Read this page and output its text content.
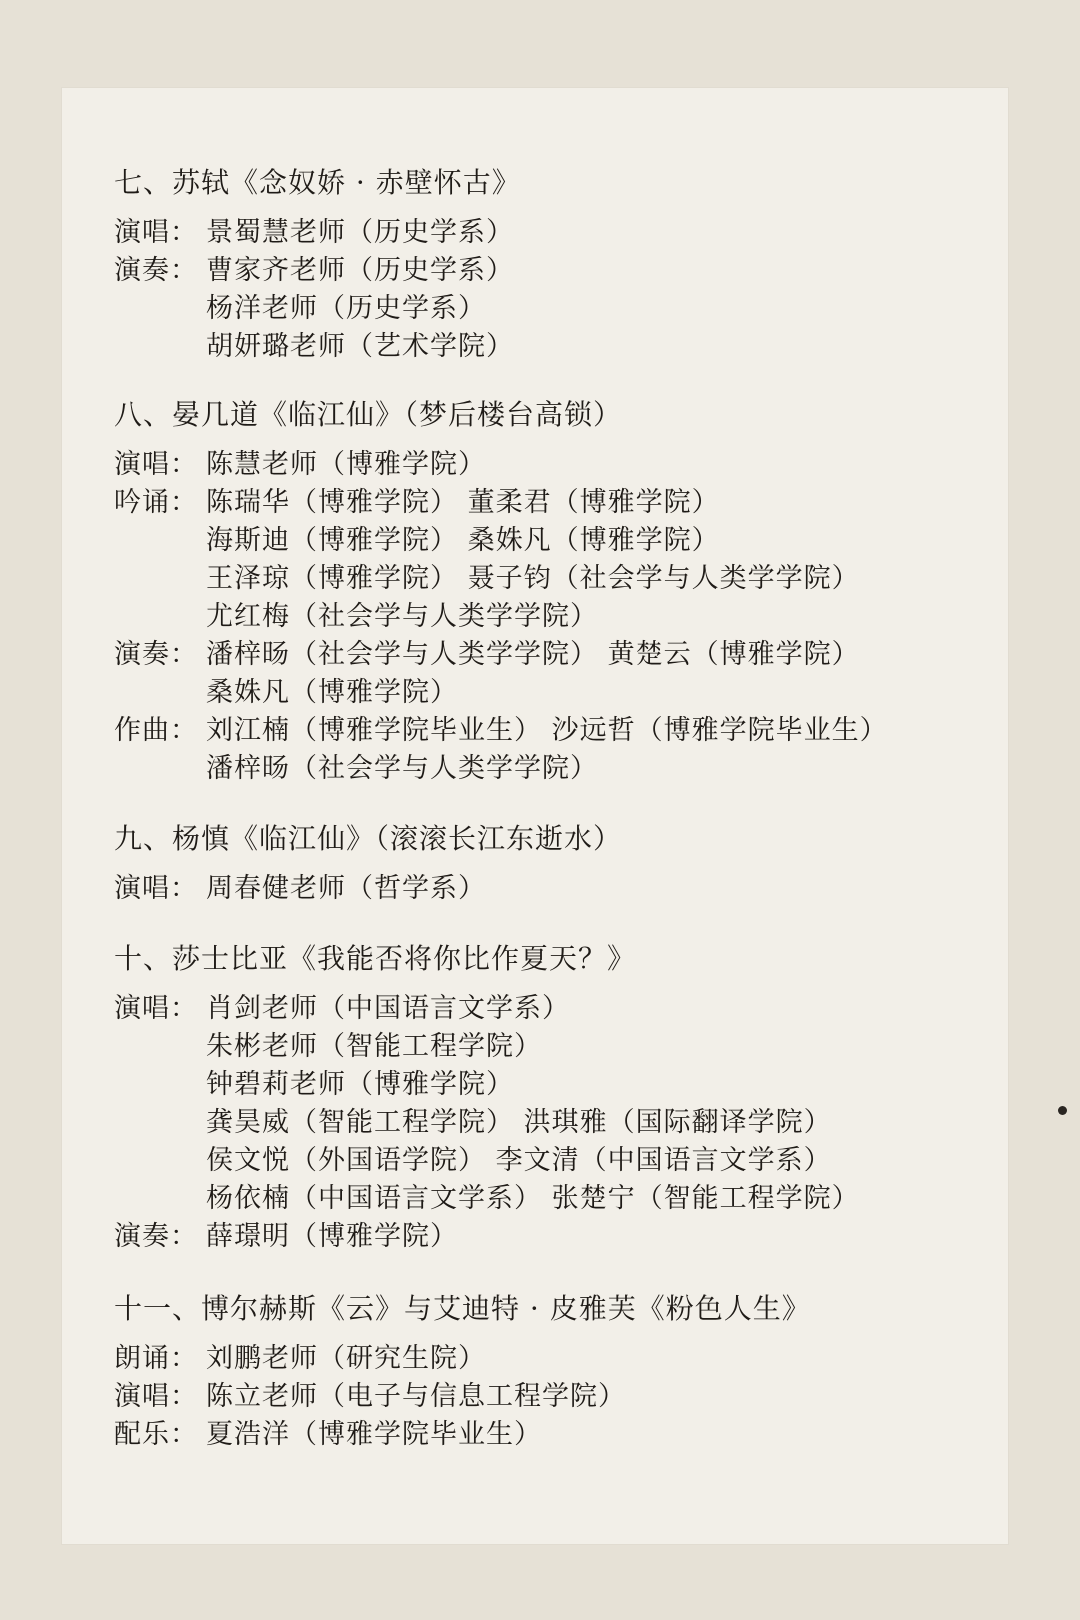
七、苏轼《念奴娇 · 赤壁怀古》
演唱： 景蜀慧老师（历史学系）
演奏： 曹家齐老师（历史学系）
杨洋老师（历史学系）
胡妍璐老师（艺术学院）
八、晏几道《临江仙》（梦后楼台高锁）
演唱： 陈慧老师（博雅学院）
吟诵： 陈瑞华（博雅学院） 董柔君（博雅学院）
海斯迪（博雅学院） 桑姝凡（博雅学院）
王泽琼（博雅学院） 聂子钧（社会学与人类学学院）
尤红梅（社会学与人类学学院）
演奏： 潘梓旸（社会学与人类学学院） 黄楚云（博雅学院）
桑姝凡（博雅学院）
作曲： 刘江楠（博雅学院毕业生） 沙远哲（博雅学院毕业生）
潘梓旸（社会学与人类学学院）
九、杨慎《临江仙》（滚滚长江东逝水）
演唱： 周春健老师（哲学系）
十、莎士比亚《我能否将你比作夏天？》
演唱： 肖剑老师（中国语言文学系）
朱彬老师（智能工程学院）
钟碧莉老师（博雅学院）
龚昊威（智能工程学院） 洪琪雅（国际翻译学院）
侯文悦（外国语学院） 李文清（中国语言文学系）
杨依楠（中国语言文学系） 张楚宁（智能工程学院）
演奏： 薛璟明（博雅学院）
十一、博尔赫斯《云》与艾迪特 · 皮雅芙《粉色人生》
朗诵： 刘鹏老师（研究生院）
演唱： 陈立老师（电子与信息工程学院）
配乐： 夏浩洋（博雅学院毕业生）
